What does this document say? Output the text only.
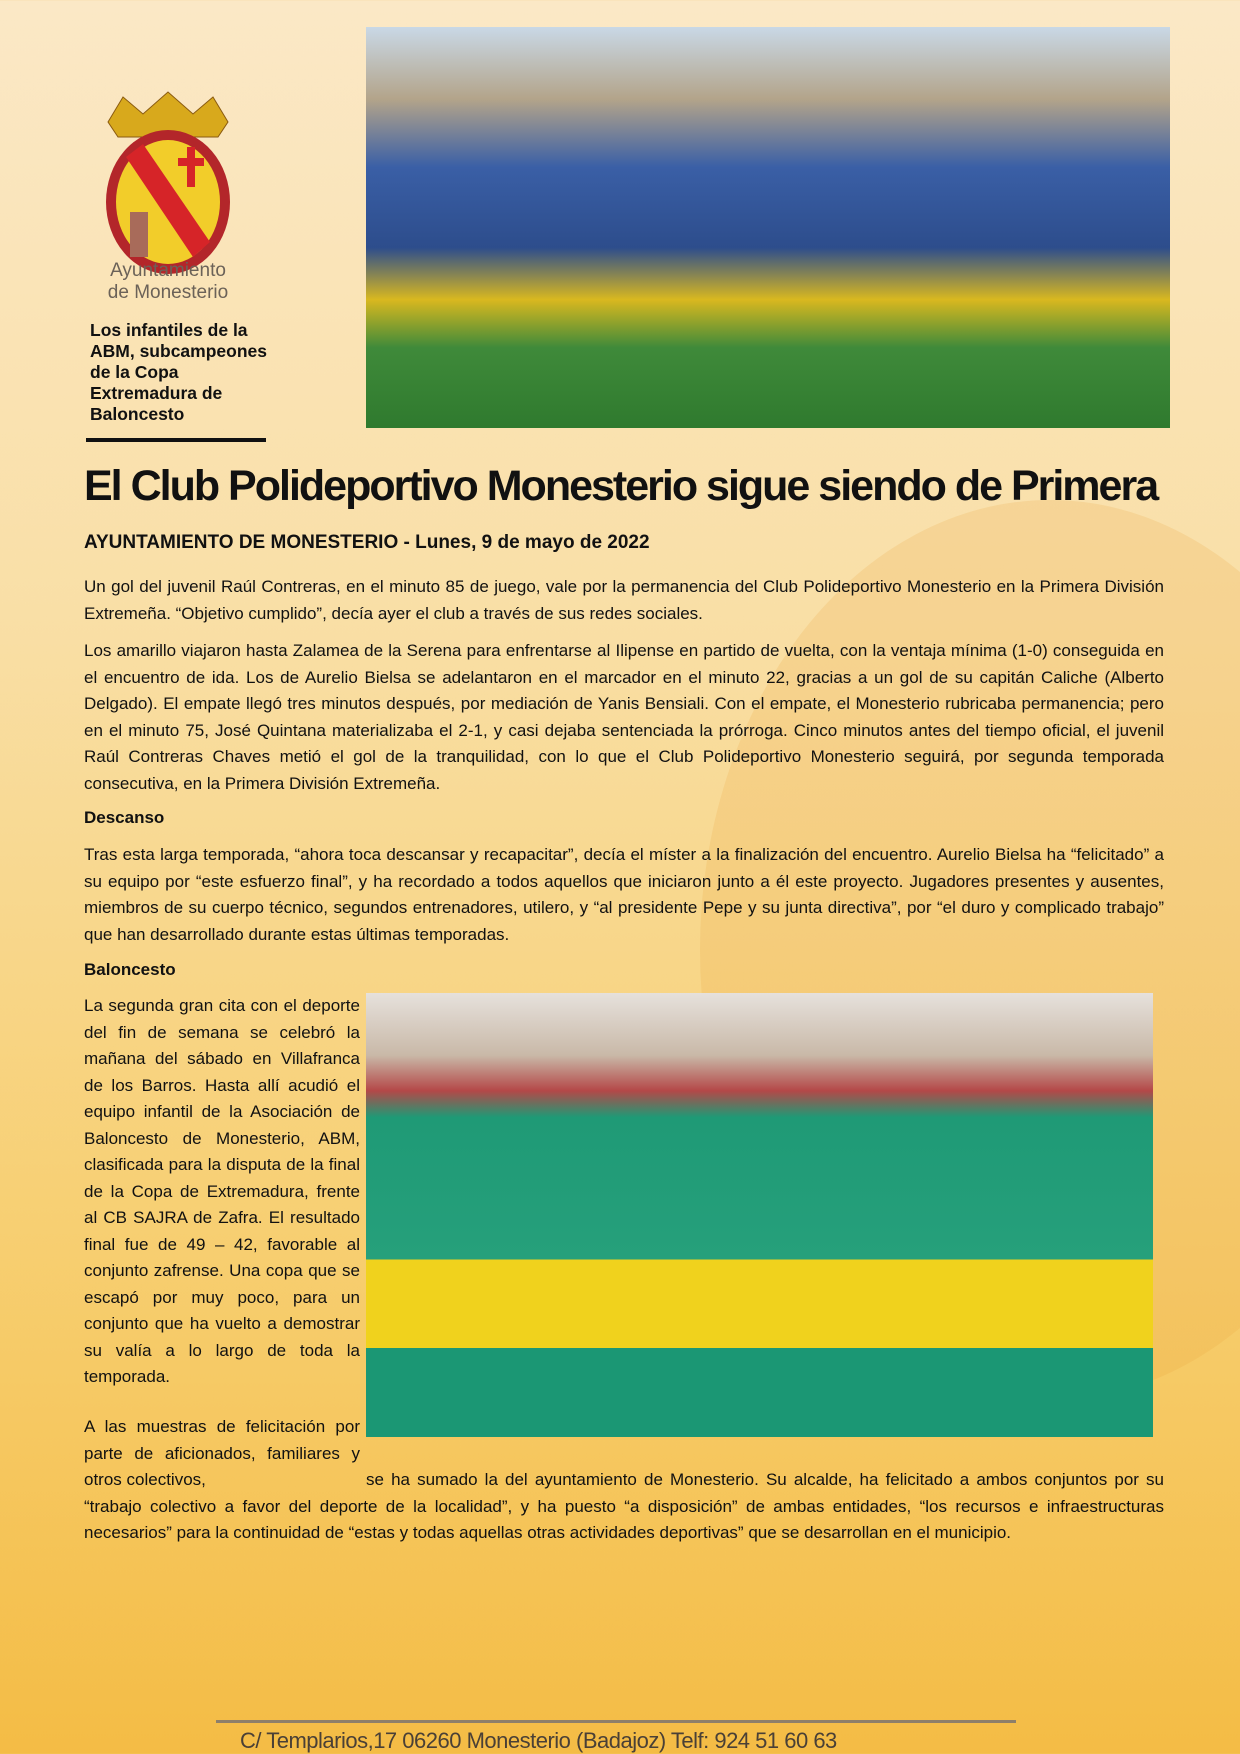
Ayuntamiento
de Monesterio
Los infantiles de la ABM, subcampeones de la Copa Extremadura de Baloncesto
El Club Polideportivo Monesterio sigue siendo de Primera
AYUNTAMIENTO DE MONESTERIO - Lunes, 9 de mayo de 2022

Un gol del juvenil Raúl Contreras, en el minuto 85 de juego, vale por la permanencia del Club Polideportivo Monesterio en la Primera División Extremeña. “Objetivo cumplido”, decía ayer el club a través de sus redes sociales.

Los amarillo viajaron hasta Zalamea de la Serena para enfrentarse al Ilipense en partido de vuelta, con la ventaja mínima (1-0) conseguida en el encuentro de ida. Los de Aurelio Bielsa se adelantaron en el marcador en el minuto 22, gracias a un gol de su capitán Caliche (Alberto Delgado). El empate llegó tres minutos después, por mediación de Yanis Bensiali. Con el empate, el Monesterio rubricaba permanencia; pero en el minuto 75, José Quintana materializaba el 2-1, y casi dejaba sentenciada la prórroga. Cinco minutos antes del tiempo oficial, el juvenil Raúl Contreras Chaves metió el gol de la tranquilidad, con lo que el Club Polideportivo Monesterio seguirá, por segunda temporada consecutiva, en la Primera División Extremeña.

Descanso

Tras esta larga temporada, “ahora toca descansar y recapacitar”, decía el míster a la finalización del encuentro. Aurelio Bielsa ha “felicitado” a su equipo por “este esfuerzo final”, y ha recordado a todos aquellos que iniciaron junto a él este proyecto. Jugadores presentes y ausentes, miembros de su cuerpo técnico, segundos entrenadores, utilero, y “al presidente Pepe y su junta directiva”, por “el duro y complicado trabajo” que han desarrollado durante estas últimas temporadas.

Baloncesto

La segunda gran cita con el deporte del fin de semana se celebró la mañana del sábado en Villafranca de los Barros. Hasta allí acudió el equipo infantil de la Asociación de Baloncesto de Monesterio, ABM, clasificada para la disputa de la final de la Copa de Extremadura, frente al CB SAJRA de Zafra. El resultado final fue de 49 – 42, favorable al conjunto zafrense. Una copa que se escapó por muy poco, para un conjunto que ha vuelto a demostrar su valía a lo largo de toda la temporada.

A las muestras de felicitación por parte de aficionados, familiares y otros colectivos,	se ha sumado la del ayuntamiento de Monesterio. Su alcalde, ha felicitado a ambos conjuntos por su “trabajo colectivo a favor del deporte de la localidad”, y ha puesto “a disposición” de ambas entidades, “los recursos e infraestructuras necesarios” para la continuidad de “estas y todas aquellas otras actividades deportivas” que se desarrollan en el municipio.

C/ Templarios,17 06260 Monesterio (Badajoz) Telf: 924 51 60 63
